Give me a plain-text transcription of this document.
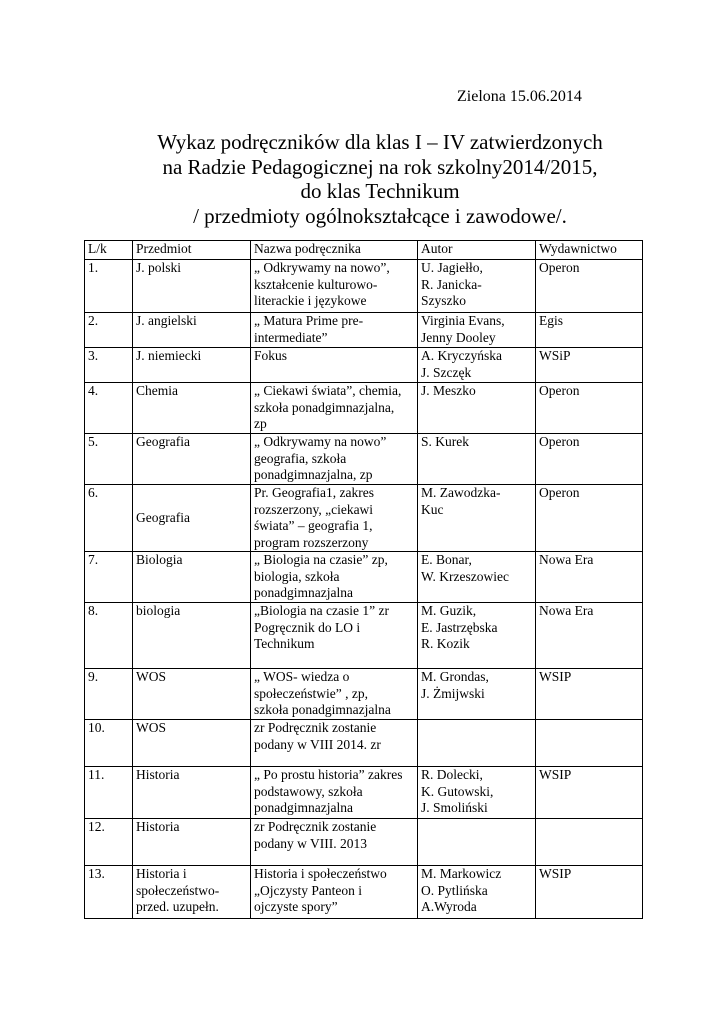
Zielona 15.06.2014
Wykaz podręczników dla klas I – IV zatwierdzonych
na Radzie Pedagogicznej na rok szkolny2014/2015,
do klas Technikum
/ przedmioty ogólnokształcące i zawodowe/.
L/k	Przedmiot	Nazwa podręcznika	Autor	Wydawnictwo
1.	J. polski	„ Odkrywamy na nowo”,
kształcenie kulturowo-
literackie i językowe	U. Jagiełło,
R. Janicka-
Szyszko	Operon
2.	J. angielski	„ Matura Prime pre-
intermediate”	Virginia Evans,
Jenny Dooley	Egis
3.	J. niemiecki	Fokus	A. Kryczyńska
J. Szczęk	WSiP
4.	Chemia	„ Ciekawi świata”, chemia,
szkoła ponadgimnazjalna,
zp	J. Meszko	Operon
5.	Geografia	„ Odkrywamy na nowo”
geografia, szkoła
ponadgimnazjalna, zp	S. Kurek	Operon
6.	Geografia	Pr. Geografia1, zakres
rozszerzony, „ciekawi
świata” – geografia 1,
program rozszerzony	M. Zawodzka-
Kuc	Operon
7.	Biologia	„ Biologia na czasie” zp,
biologia, szkoła
ponadgimnazjalna	E. Bonar,
W. Krzeszowiec	Nowa Era
8.	biologia	„Biologia na czasie 1” zr
Pogręcznik do LO i
Technikum	M. Guzik,
E. Jastrzębska
R. Kozik	Nowa Era
9.	WOS	„ WOS- wiedza o
społeczeństwie” , zp,
szkoła ponadgimnazjalna	M. Grondas,
J. Żmijwski	WSIP
10.	WOS	zr Podręcznik zostanie
podany w VIII 2014. zr		

11.	Historia	„ Po prostu historia” zakres
podstawowy, szkoła
ponadgimnazjalna	R. Dolecki,
K. Gutowski,
J. Smoliński	WSIP
12.	Historia	zr Podręcznik zostanie
podany w VIII. 2013		

13.	Historia i
społeczeństwo-
przed. uzupełn.	Historia i społeczeństwo
„Ojczysty Panteon i
ojczyste spory”	M. Markowicz
O. Pytlińska
A.Wyroda	WSIP
